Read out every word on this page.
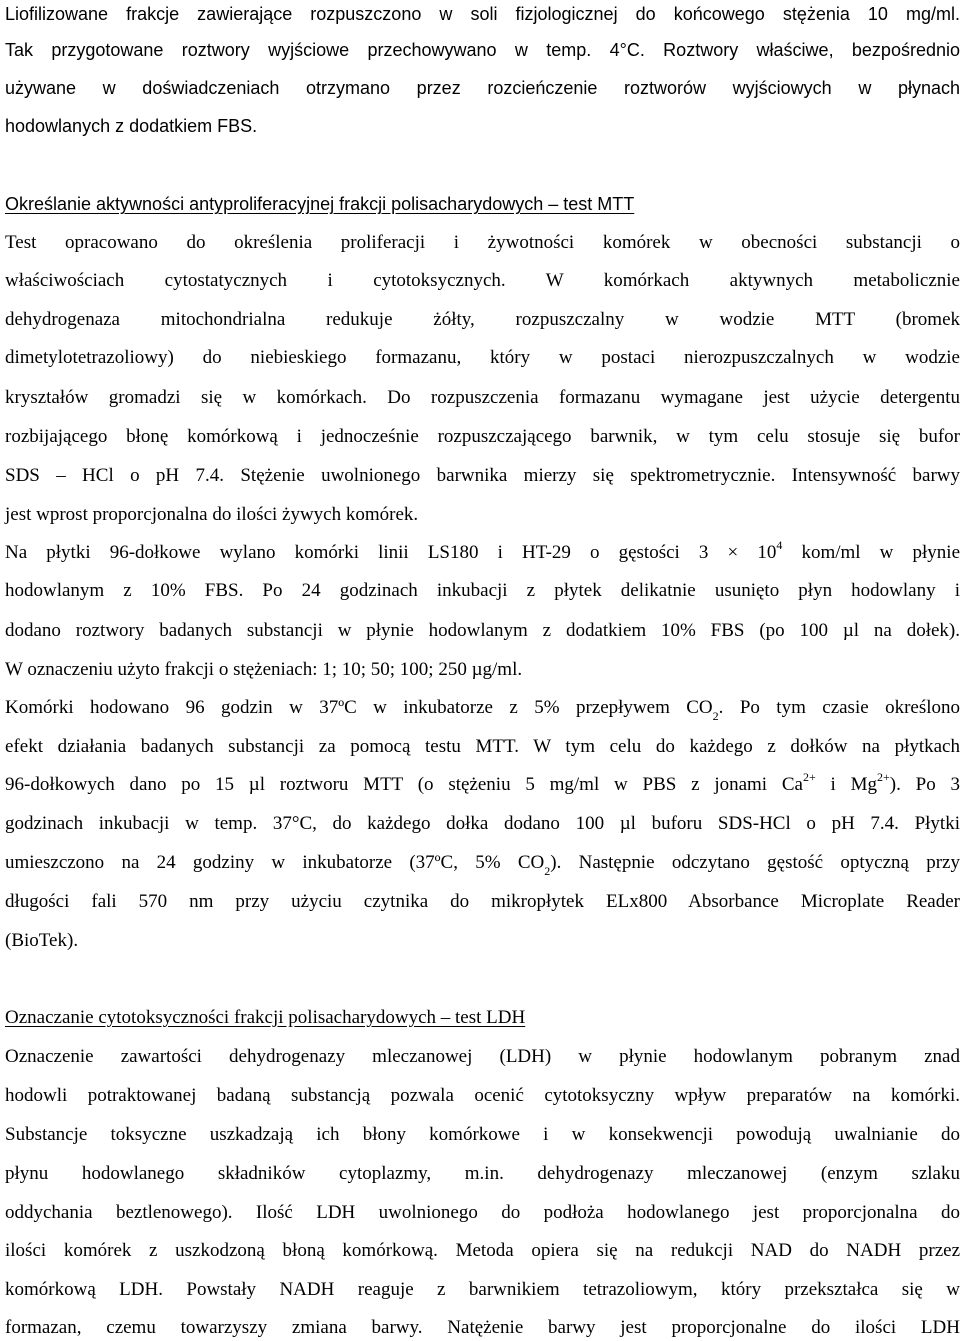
Liofilizowane frakcje zawierające rozpuszczono w soli fizjologicznej do końcowego stężenia 10 mg/ml.
Tak przygotowane roztwory wyjściowe przechowywano w temp. 4°C. Roztwory właściwe, bezpośrednio
używane w doświadczeniach otrzymano przez rozcieńczenie roztworów wyjściowych w płynach
hodowlanych z dodatkiem FBS.
Określanie aktywności antyproliferacyjnej frakcji polisacharydowych – test MTT
Test opracowano do określenia proliferacji i żywotności komórek w obecności substancji o
właściwościach cytostatycznych i cytotoksycznych. W komórkach aktywnych metabolicznie
dehydrogenaza mitochondrialna redukuje żółty, rozpuszczalny w wodzie MTT (bromek
dimetylotetrazoliowy) do niebieskiego formazanu, który w postaci nierozpuszczalnych w wodzie
kryształów gromadzi się w komórkach. Do rozpuszczenia formazanu wymagane jest użycie detergentu
rozbijającego błonę komórkową i jednocześnie rozpuszczającego barwnik, w tym celu stosuje się bufor
SDS – HCl o pH 7.4. Stężenie uwolnionego barwnika mierzy się spektrometrycznie. Intensywność barwy
jest wprost proporcjonalna do ilości żywych komórek.
Na płytki 96-dołkowe wylano komórki linii LS180 i HT-29 o gęstości $3 \times 10^4$ kom/ml w płynie
hodowlanym z 10% FBS. Po 24 godzinach inkubacji z płytek delikatnie usunięto płyn hodowlany i
dodano roztwory badanych substancji w płynie hodowlanym z dodatkiem 10% FBS (po 100 µl na dołek).
W oznaczeniu użyto frakcji o stężeniach: 1; 10; 50; 100; 250 µg/ml.
Komórki hodowano 96 godzin w 37ºC w inkubatorze z 5% przepływem $CO_2$. Po tym czasie określono
efekt działania badanych substancji za pomocą testu MTT. W tym celu do każdego z dołków na płytkach
96-dołkowych dano po 15 µl roztworu MTT (o stężeniu 5 mg/ml w PBS z jonami $Ca^{2+}$ i $Mg^{2+}$). Po 3
godzinach inkubacji w temp. 37°C, do każdego dołka dodano 100 µl buforu SDS-HCl o pH 7.4. Płytki
umieszczono na 24 godziny w inkubatorze (37ºC, 5% $CO_2$). Następnie odczytano gęstość optyczną przy
długości fali 570 nm przy użyciu czytnika do mikropłytek ELx800 Absorbance Microplate Reader
(BioTek).
Oznaczanie cytotoksyczności frakcji polisacharydowych – test LDH
Oznaczenie zawartości dehydrogenazy mleczanowej (LDH) w płynie hodowlanym pobranym znad
hodowli potraktowanej badaną substancją pozwala ocenić cytotoksyczny wpływ preparatów na komórki.
Substancje toksyczne uszkadzają ich błony komórkowe i w konsekwencji powodują uwalnianie do
płynu hodowlanego składników cytoplazmy, m.in. dehydrogenazy mleczanowej (enzym szlaku
oddychania beztlenowego). Ilość LDH uwolnionego do podłoża hodowlanego jest proporcjonalna do
ilości komórek z uszkodzoną błoną komórkową. Metoda opiera się na redukcji NAD do NADH przez
komórkową LDH. Powstały NADH reaguje z barwnikiem tetrazoliowym, który przekształca się w
formazan, czemu towarzyszy zmiana barwy. Natężenie barwy jest proporcjonalne do ilości LDH
